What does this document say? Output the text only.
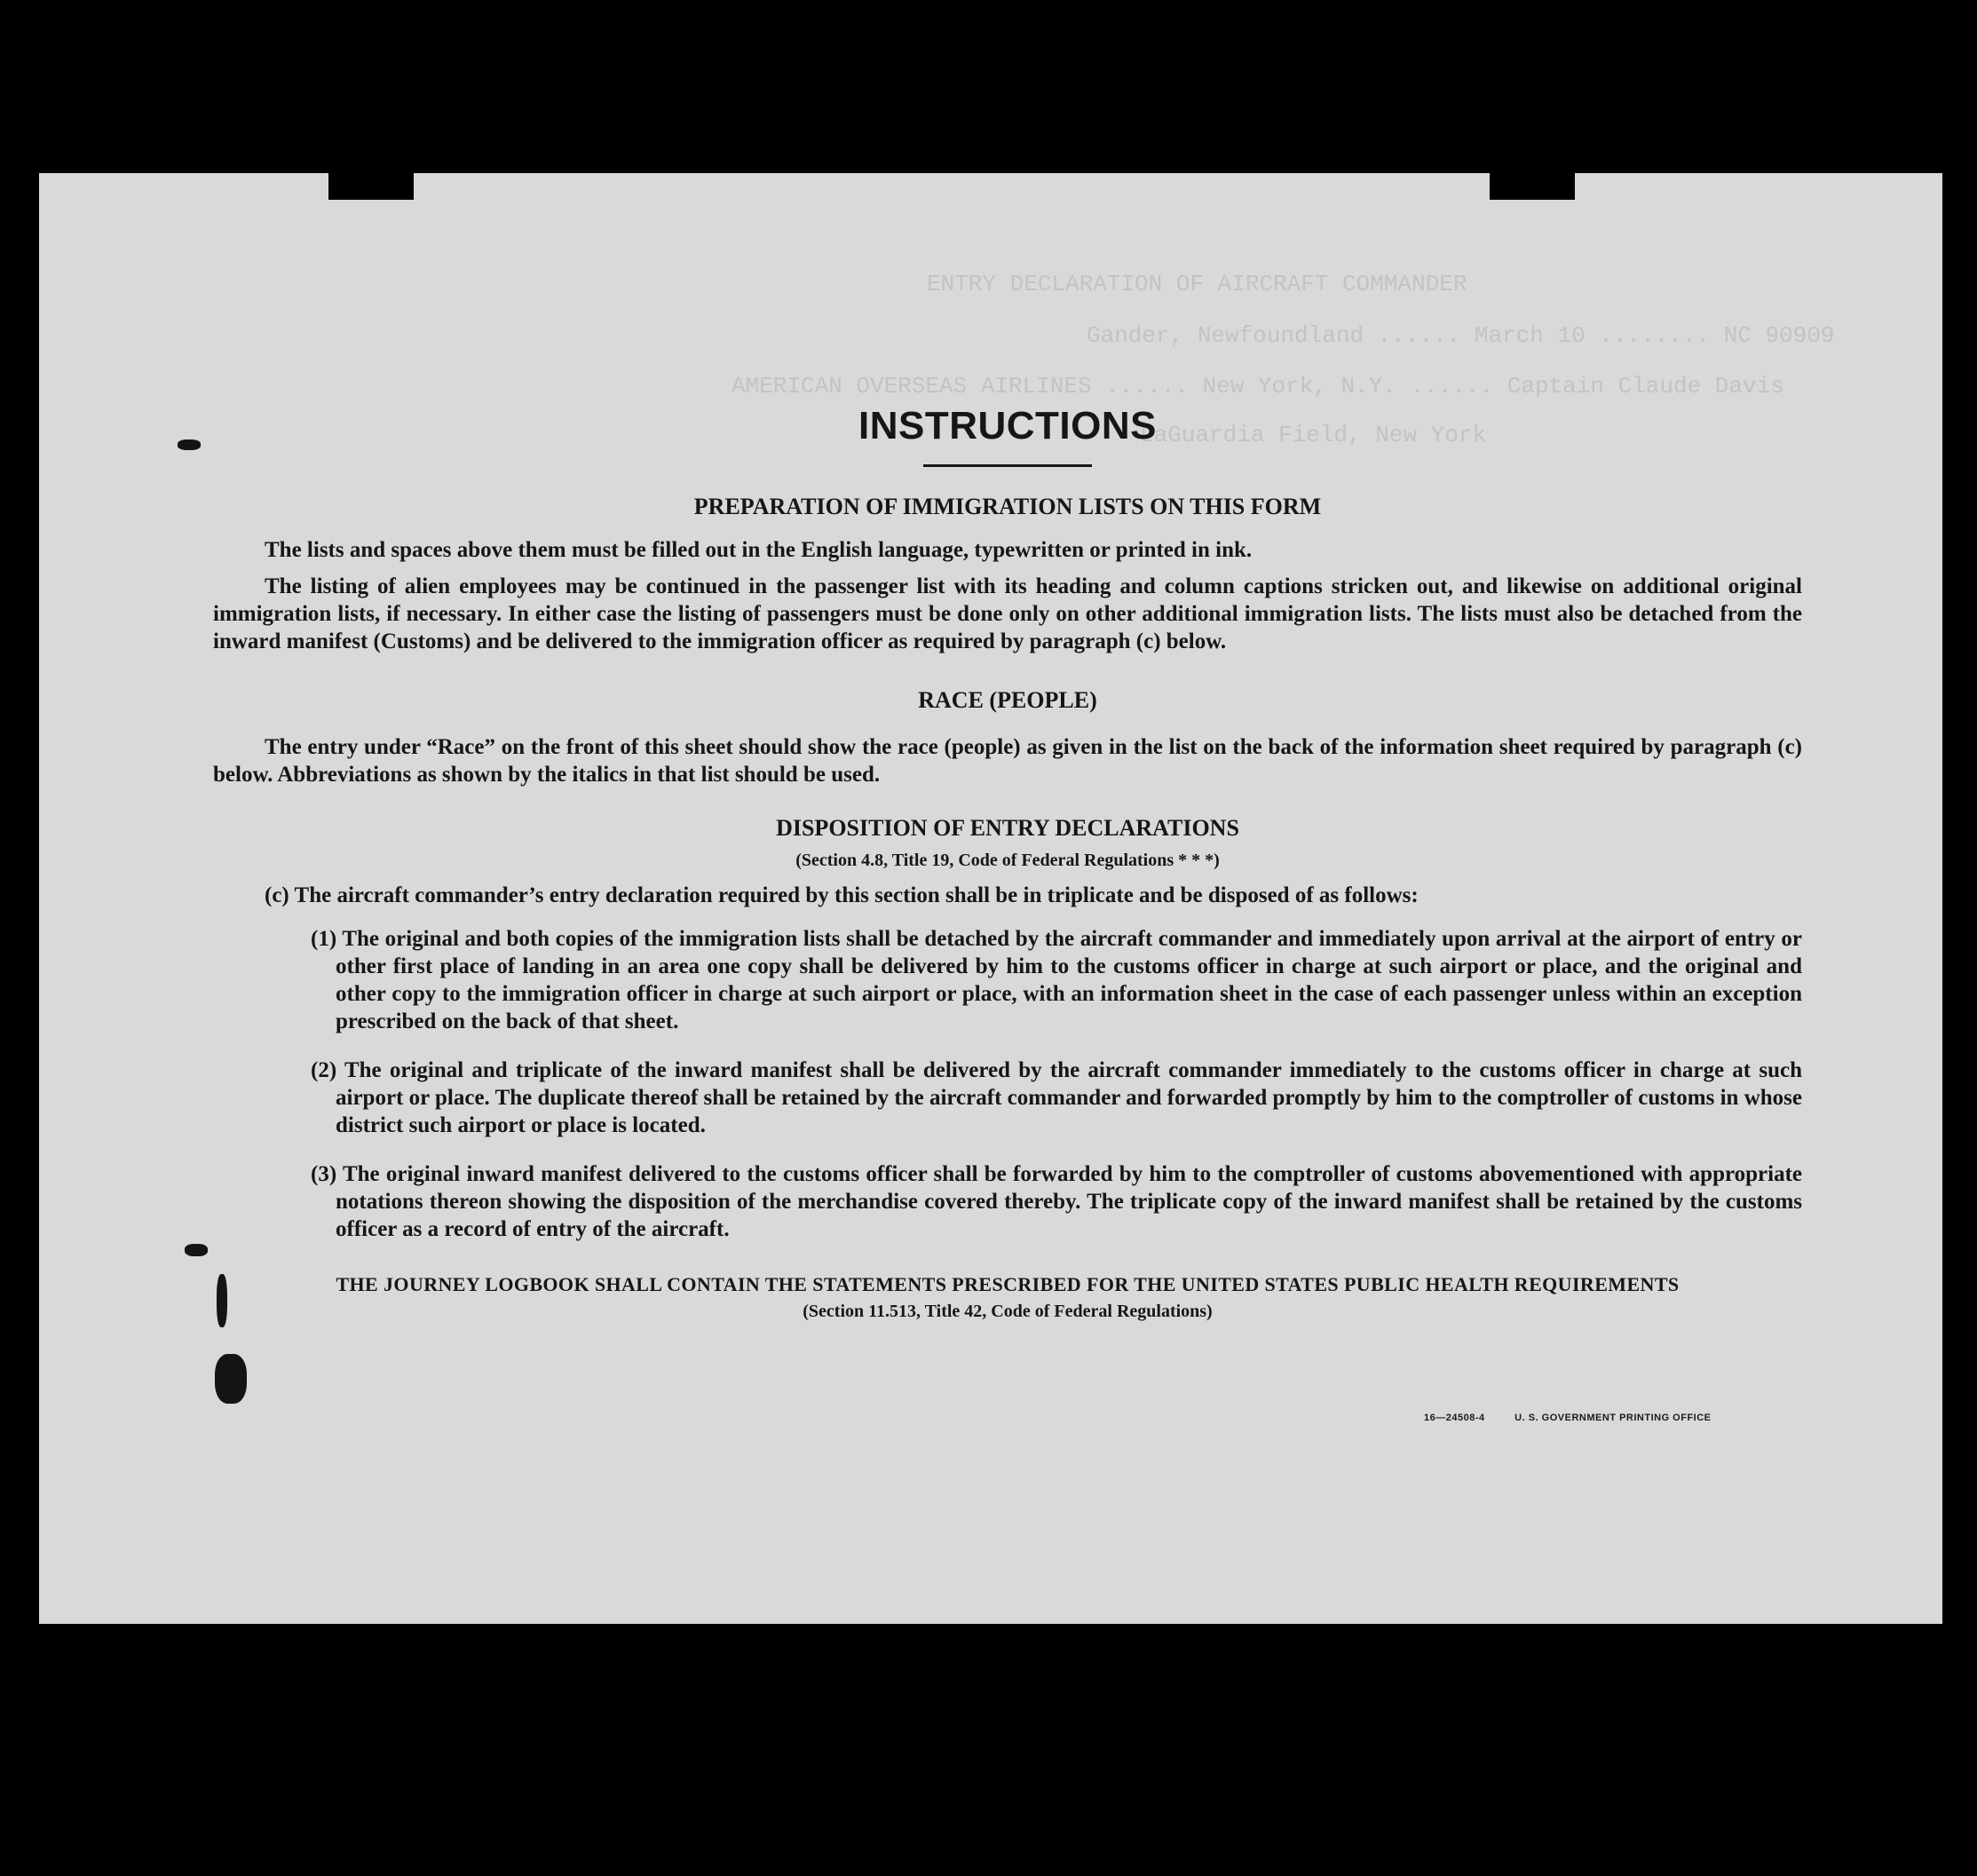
ENTRY DECLARATION OF AIRCRAFT COMMANDER
Gander, Newfoundland ...... March 10 ........ NC 90909
AMERICAN OVERSEAS AIRLINES ...... New York, N.Y. ...... Captain Claude Davis
LaGuardia Field, New York
INSTRUCTIONS
PREPARATION OF IMMIGRATION LISTS ON THIS FORM

The lists and spaces above them must be filled out in the English language, typewritten or printed in ink.

The listing of alien employees may be continued in the passenger list with its heading and column captions stricken out, and likewise on additional original immigration lists, if necessary. In either case the listing of passengers must be done only on other additional immigration lists. The lists must also be detached from the inward manifest (Customs) and be delivered to the immigration officer as required by paragraph (c) below.

RACE (PEOPLE)

The entry under “Race” on the front of this sheet should show the race (people) as given in the list on the back of the information sheet required by paragraph (c) below. Abbreviations as shown by the italics in that list should be used.

DISPOSITION OF ENTRY DECLARATIONS
(Section 4.8, Title 19, Code of Federal Regulations * * *)
(c) The aircraft commander’s entry declaration required by this section shall be in triplicate and be disposed of as follows:
(1) The original and both copies of the immigration lists shall be detached by the aircraft commander and immediately upon arrival at the airport of entry or other first place of landing in an area one copy shall be delivered by him to the customs officer in charge at such airport or place, and the original and other copy to the immigration officer in charge at such airport or place, with an information sheet in the case of each passenger unless within an exception prescribed on the back of that sheet.
(2) The original and triplicate of the inward manifest shall be delivered by the aircraft commander immediately to the customs officer in charge at such airport or place. The duplicate thereof shall be retained by the aircraft commander and forwarded promptly by him to the comptroller of customs in whose district such airport or place is located.
(3) The original inward manifest delivered to the customs officer shall be forwarded by him to the comptroller of customs abovementioned with appropriate notations thereon showing the disposition of the merchandise covered thereby. The triplicate copy of the inward manifest shall be retained by the customs officer as a record of entry of the aircraft.
THE JOURNEY LOGBOOK SHALL CONTAIN THE STATEMENTS PRESCRIBED FOR THE UNITED STATES PUBLIC HEALTH REQUIREMENTS
(Section 11.513, Title 42, Code of Federal Regulations)
16—24508-4	U. S. GOVERNMENT PRINTING OFFICE
